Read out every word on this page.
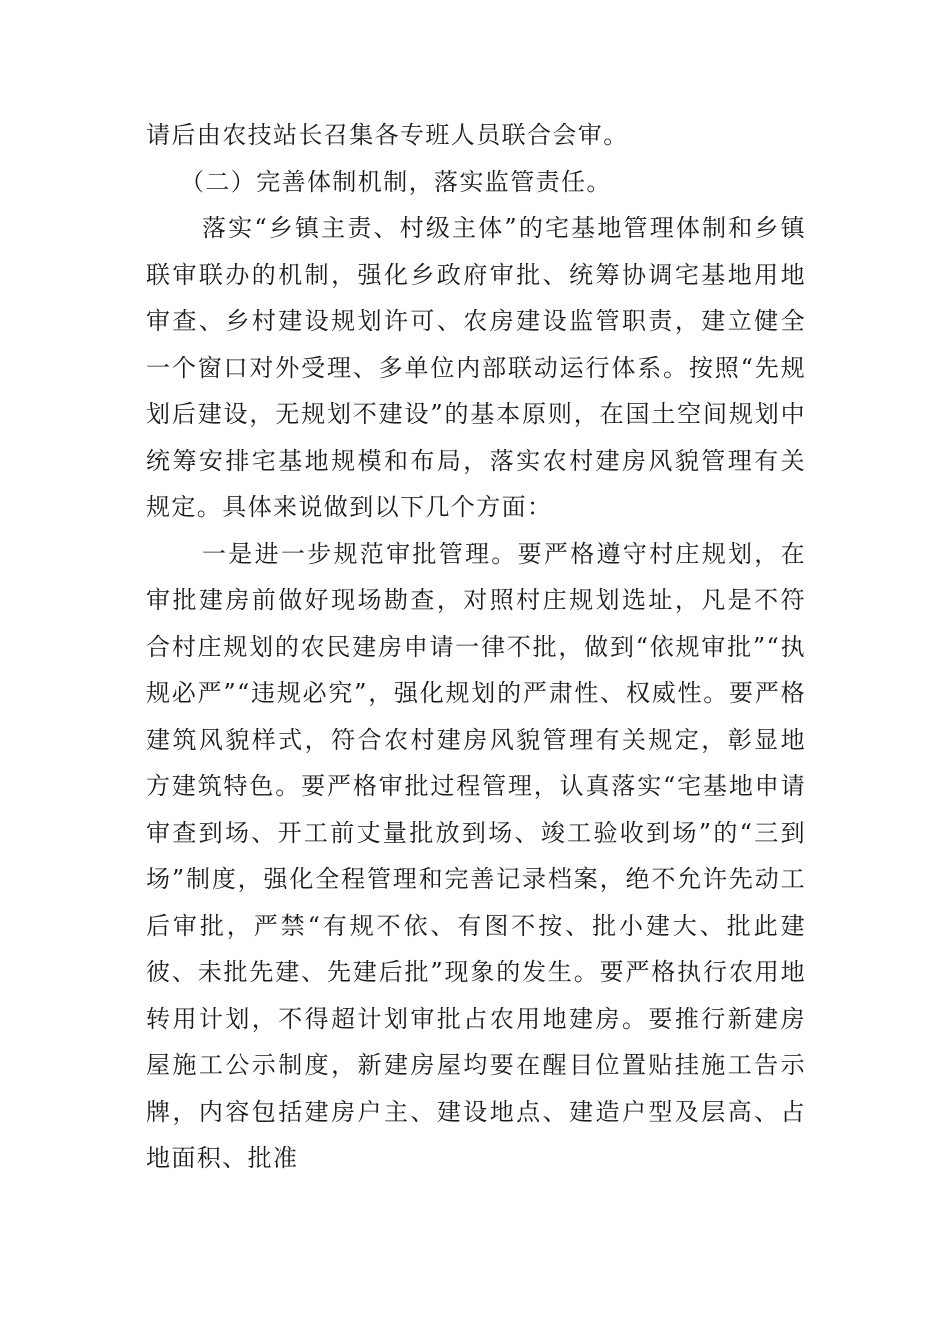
请后由农技站长召集各专班人员联合会审。

（二）完善体制机制，落实监管责任。

落实“乡镇主责、村级主体”的宅基地管理体制和乡镇联审联办的机制，强化乡政府审批、统筹协调宅基地用地审查、乡村建设规划许可、农房建设监管职责，建立健全一个窗口对外受理、多单位内部联动运行体系。按照“先规划后建设，无规划不建设”的基本原则，在国土空间规划中统筹安排宅基地规模和布局，落实农村建房风貌管理有关规定。具体来说做到以下几个方面：

一是进一步规范审批管理。要严格遵守村庄规划，在审批建房前做好现场勘查，对照村庄规划选址，凡是不符合村庄规划的农民建房申请一律不批，做到“依规审批”“执规必严”“违规必究”，强化规划的严肃性、权威性。要严格建筑风貌样式，符合农村建房风貌管理有关规定，彰显地方建筑特色。要严格审批过程管理，认真落实“宅基地申请审查到场、开工前丈量批放到场、竣工验收到场”的“三到场”制度，强化全程管理和完善记录档案，绝不允许先动工后审批，严禁“有规不依、有图不按、批小建大、批此建彼、未批先建、先建后批”现象的发生。要严格执行农用地转用计划，不得超计划审批占农用地建房。要推行新建房屋施工公示制度，新建房屋均要在醒目位置贴挂施工告示牌，内容包括建房户主、建设地点、建造户型及层高、占地面积、批准
